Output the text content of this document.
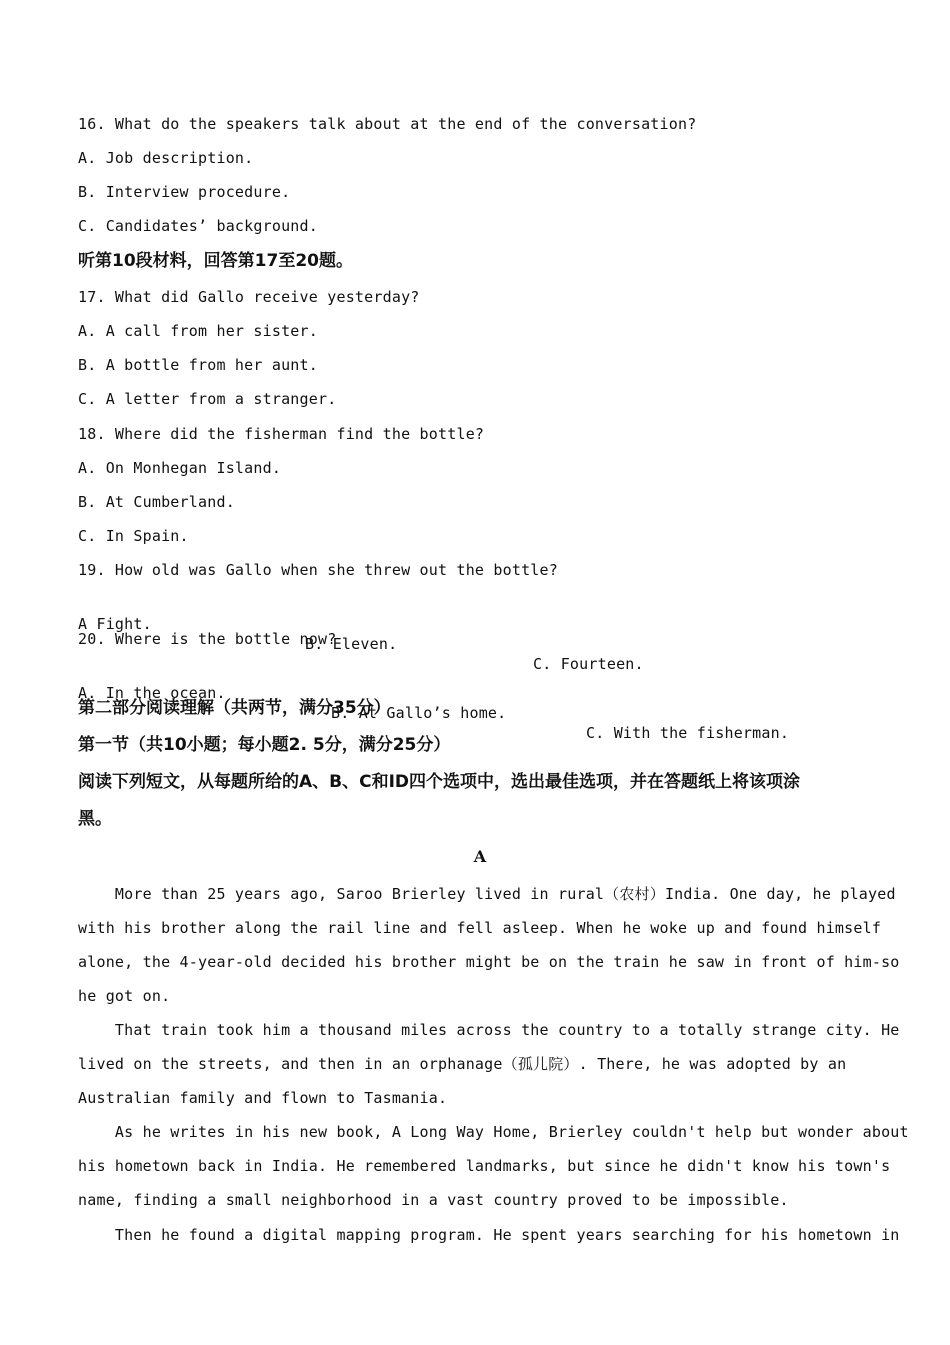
16. What do the speakers talk about at the end of the conversation?
A. Job description.
B. Interview procedure.
C. Candidates’ background.
听第10段材料，回答第17至20题。
17. What did Gallo receive yesterday?
A. A call from her sister.
B. A bottle from her aunt.
C. A letter from a stranger.
18. Where did the fisherman find the bottle?
A. On Monhegan Island.
B. At Cumberland.
C. In Spain.
19. How old was Gallo when she threw out the bottle?

A Fight.

B. Eleven.

C. Fourteen.

20. Where is the bottle now?

A. In the ocean.

B. At Gallo’s home.

C. With the fisherman.

第二部分阅读理解（共两节，满分35分）
第一节（共10小题；每小题2. 5分，满分25分）
阅读下列短文，从每题所给的A、B、C和ID四个选项中，选出最佳选项，并在答题纸上将该项涂
黑。
A
More than 25 years ago, Saroo Brierley lived in rural（农村）India. One day, he played
with his brother along the rail line and fell asleep. When he woke up and found himself
alone, the 4-year-old decided his brother might be on the train he saw in front of him-so
he got on.
That train took him a thousand miles across the country to a totally strange city. He
lived on the streets, and then in an orphanage（孤儿院）. There, he was adopted by an
Australian family and flown to Tasmania.
As he writes in his new book, A Long Way Home, Brierley couldn't help but wonder about
his hometown back in India. He remembered landmarks, but since he didn't know his town's
name, finding a small neighborhood in a vast country proved to be impossible.
Then he found a digital mapping program. He spent years searching for his hometown in
